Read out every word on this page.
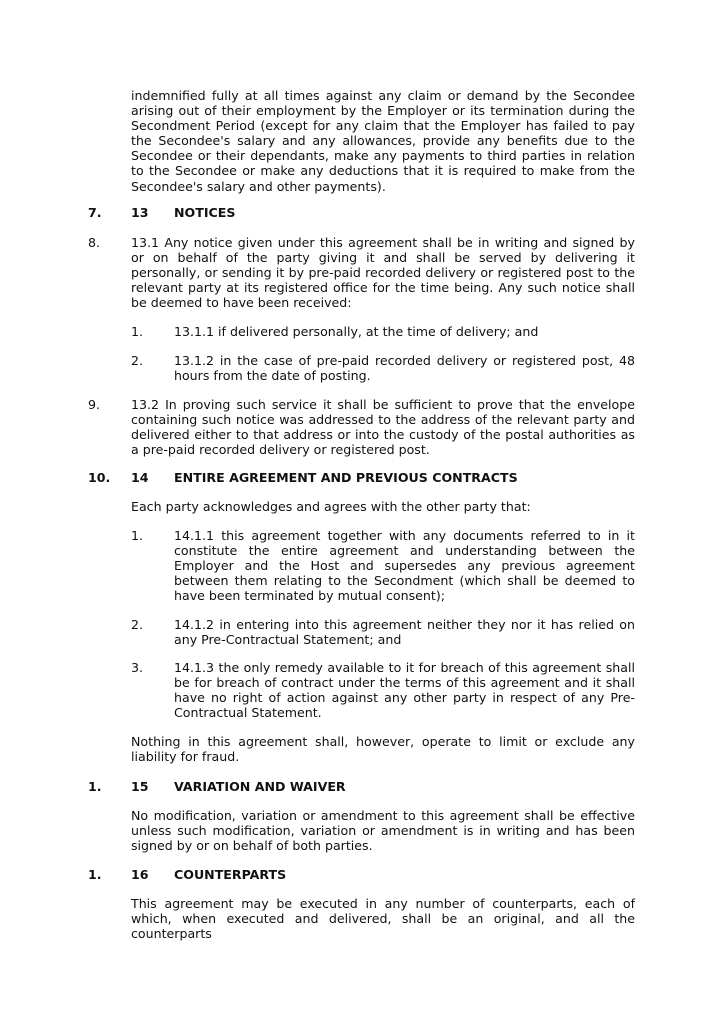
indemnified fully at all times against any claim or demand by the Secondee arising out of their employment by the Employer or its termination during the Secondment Period (except for any claim that the Employer has failed to pay the Secondee's salary and any allowances, provide any benefits due to the Secondee or their dependants, make any payments to third parties in relation to the Secondee or make any deductions that it is required to make from the Secondee's salary and other payments).
7. 13 NOTICES
8. 13.1 Any notice given under this agreement shall be in writing and signed by or on behalf of the party giving it and shall be served by delivering it personally, or sending it by pre-paid recorded delivery or registered post to the relevant party at its registered office for the time being. Any such notice shall be deemed to have been received:
1. 13.1.1 if delivered personally, at the time of delivery; and
2. 13.1.2 in the case of pre-paid recorded delivery or registered post, 48 hours from the date of posting.
9. 13.2 In proving such service it shall be sufficient to prove that the envelope containing such notice was addressed to the address of the relevant party and delivered either to that address or into the custody of the postal authorities as a pre-paid recorded delivery or registered post.
10. 14 ENTIRE AGREEMENT AND PREVIOUS CONTRACTS
Each party acknowledges and agrees with the other party that:
1. 14.1.1 this agreement together with any documents referred to in it constitute the entire agreement and understanding between the Employer and the Host and supersedes any previous agreement between them relating to the Secondment (which shall be deemed to have been terminated by mutual consent);
2. 14.1.2 in entering into this agreement neither they nor it has relied on any Pre-Contractual Statement; and
3. 14.1.3 the only remedy available to it for breach of this agreement shall be for breach of contract under the terms of this agreement and it shall have no right of action against any other party in respect of any Pre-Contractual Statement.
Nothing in this agreement shall, however, operate to limit or exclude any liability for fraud.
1. 15 VARIATION AND WAIVER
No modification, variation or amendment to this agreement shall be effective unless such modification, variation or amendment is in writing and has been signed by or on behalf of both parties.
1. 16 COUNTERPARTS
This agreement may be executed in any number of counterparts, each of which, when executed and delivered, shall be an original, and all the counterparts
